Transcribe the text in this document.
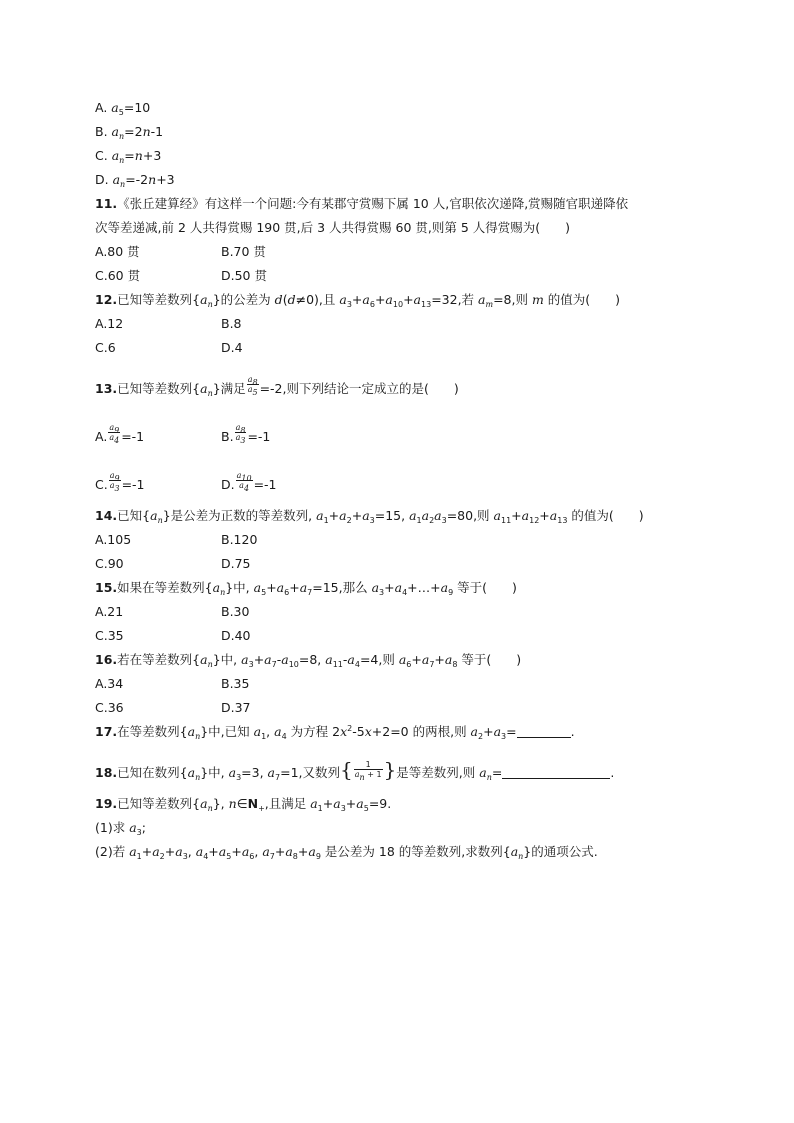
A. $a_5=10$
B. $a_n=2n-1$
C. $a_n=n+3$
D. $a_n=-2n+3$
11.《张丘建算经》有这样一个问题:今有某郡守赏赐下属 10 人,官职依次递降,赏赐随官职递降依
次等差递减,前 2 人共得赏赐 190 贯,后 3 人共得赏赐 60 贯,则第 5 人得赏赐为(　　)
A.80 贯	B.70 贯
C.60 贯	D.50 贯
12.已知等差数列$\{a_n\}$的公差为 d(d≠0),且 $a_3+a_6+a_{10}+a_{13}=32$,若 $a_m=8$,则 m 的值为(　　)
A.12	B.8
C.6	D.4
13.已知等差数列$\{a_n\}$满足 $\frac{a_8}{a_5} =-2$,则下列结论一定成立的是(　　)
A. $\frac{a_9}{a_4} =-1$	B. $\frac{a_8}{a_3} =-1$
C. $\frac{a_9}{a_3} =-1$	D. $\frac{a_{10}}{a_4} =-1$
14.已知$\{a_n\}$是公差为正数的等差数列, $a_1+a_2+a_3=15$, $a_1a_2a_3=80$,则 $a_{11}+a_{12}+a_{13}$ 的值为(　　)
A.105	B.120
C.90	D.75
15.如果在等差数列$\{a_n\}$中, $a_5+a_6+a_7=15$,那么 $a_3+a_4+\dots+a_9$ 等于(　　)
A.21	B.30
C.35	D.40
16.若在等差数列$\{a_n\}$中, $a_3+a_7-a_{10}=8$, $a_{11}-a_4=4$,则 $a_6+a_7+a_8$ 等于(　　)
A.34	B.35
C.36	D.37
17.在等差数列$\{a_n\}$中,已知 $a_1$, $a_4$ 为方程 $2x^2-5x+2=0$ 的两根,则 $a_2+a_3=$	.
18.已知在数列$\{a_n\}$中, $a_3=3$, $a_7=1$,又数列{ $\frac{1}{a_n + 1}$ }是等差数列,则 $a_n=$	.
19.已知等差数列$\{a_n\}$, $n\in N_+$,且满足 $a_1+a_3+a_5=9$.
(1)求 $a_3$;
(2)若 $a_1+a_2+a_3$, $a_4+a_5+a_6$, $a_7+a_8+a_9$ 是公差为 18 的等差数列,求数列$\{a_n\}$的通项公式.
